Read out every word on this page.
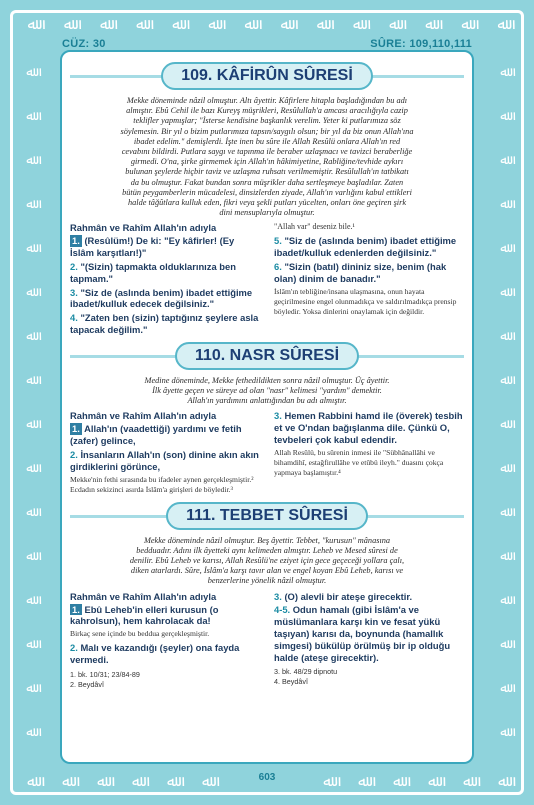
ﷲ ﷲ ﷲ ﷲ ﷲ ﷲ ﷲ ﷲ ﷲ ﷲ ﷲ ﷲ ﷲ ﷲ
ﷲ ﷲ ﷲ ﷲ ﷲ ﷲ	ﷲ ﷲ ﷲ ﷲ ﷲ ﷲ
ﷲ
ﷲ
ﷲ
ﷲ
ﷲ
ﷲ
ﷲ
ﷲ
ﷲ
ﷲ
ﷲ
ﷲ
ﷲ
ﷲ
ﷲ
ﷲ
ﷲ
ﷲ
ﷲ
ﷲ
ﷲ
ﷲ
ﷲ
ﷲ
ﷲ
ﷲ
ﷲ
ﷲ
ﷲ
ﷲ
ﷲ
ﷲ
CÜZ: 30	SÛRE: 109,110,111
109. KÂFİRÛN SÛRESİ

Mekke döneminde nâzil olmuştur. Altı âyettir. Kâfirlere hitapla başladığından bu adı

almıştır. Ebû Cehil ile bazı Kureyş müşrikleri, Resûlullah'a amcası aracılığıyla cazip

teklifler yapmışlar; "İsterse kendisine başkanlık verelim. Yeter ki putlarımıza söz

söylemesin. Bir yıl o bizim putlarımıza tapsın/saygılı olsun; bir yıl da biz onun Allah'ına

ibadet edelim." demişlerdi. İşte inen bu sûre ile Allah Resûlü onlara Allah'ın red

cevabını bildirdi. Putlara saygı ve tapınma ile beraber uzlaşmacı ve tavizci beraberliğe

girmedi. O'na, şirke girmemek için Allah'ın hâkimiyetine, Rabliğine/tevhide aykırı

bulunan şeylerde hiçbir taviz ve uzlaşma ruhsatı verilmemiştir. Resûlullah'ın tatbikatı

da bu olmuştur. Fakat bundan sonra müşrikler daha sertleşmeye başladılar. Zaten

bütün peygamberlerin mücadelesi, dinsizlerden ziyade, Allah'ın varlığını kabul ettikleri

halde tâğûtlara kulluk eden, fikri veya şekli putları yücelten, onları öne geçiren şirk

dini mensuplarıyla olmuştur.

Rahmân ve Rahîm Allah'ın adıyla
1. (Resûlüm!) De ki: "Ey kâfirler! (Ey İslâm karşıtları!)"
2. "(Sizin) tapmakta olduklarınıza ben tapmam."
3. "Siz de (aslında benim) ibadet ettiğime ibadet/kulluk edecek değilsiniz."
4. "Zaten ben (sizin) taptığınız şeylere asla tapacak değilim."
"Allah var" deseniz bile.¹
5. "Siz de (aslında benim) ibadet ettiğime ibadet/kulluk edenlerden değilsiniz."
6. "Sizin (batıl) dininiz size, benim (hak olan) dinim de banadır."
İslâm'ın tebliğine/insana ulaşmasına, onun hayata geçirilmesine engel olunmadıkça ve saldırılmadıkça prensip böyledir. Yoksa dinlerini onaylamak için değildir.
110. NASR SÛRESİ

Medine döneminde, Mekke fethedildikten sonra nâzil olmuştur. Üç âyettir.

İlk âyette geçen ve süreye ad olan "nasr" kelimesi "yardım" demektir.

Allah'ın yardımını anlattığından bu adı almıştır.

Rahmân ve Rahîm Allah'ın adıyla
1. Allah'ın (vaadettiği) yardımı ve fetih (zafer) gelince,
2. İnsanların Allah'ın (son) dinine akın akın girdiklerini görünce,
Mekke'nin fethi sırasında bu ifadeler aynen gerçekleşmiştir.² Ecdadın sekizinci asırda İslâm'a girişleri de böyledir.³
3. Hemen Rabbini hamd ile (överek) tesbih et ve O'ndan bağışlanma dile. Çünkü O, tevbeleri çok kabul edendir.
Allah Resûlü, bu sûrenin inmesi ile "Sübhânallâhi ve bihamdihî, estağfirullâhe ve etûbü ileyh." duasını çokça yapmaya başlamıştır.⁴
111. TEBBET SÛRESİ

Mekke döneminde nâzil olmuştur. Beş âyettir. Tebbet, "kurusun" mânasına

bedduadır. Adını ilk âyetteki aynı kelimeden almıştır. Leheb ve Mesed sûresi de

denilir. Ebû Leheb ve karısı, Allah Resûlü'ne eziyet için gece geçeceği yollara çalı,

diken atarlardı. Sûre, İslâm'a karşı tavır alan ve engel koyan Ebû Leheb, karısı ve

benzerlerine yönelik nâzil olmuştur.

Rahmân ve Rahîm Allah'ın adıyla
1. Ebû Leheb'in elleri kurusun (o kahrolsun), hem kahrolacak da!
Birkaç sene içinde bu beddua gerçekleşmiştir.
2. Malı ve kazandığı (şeyler) ona fayda vermedi.
1. bk. 10/31; 23/84-89
2. Beydâvî
3. (O) alevli bir ateşe girecektir.
4-5. Odun hamalı (gibi İslâm'a ve müslümanlara karşı kin ve fesat yükü taşıyan) karısı da, boynunda (hamallık simgesi) bükülüp örülmüş bir ip olduğu halde (ateşe girecektir).
3. bk. 48/29 dipnotu
4. Beydâvî
603
